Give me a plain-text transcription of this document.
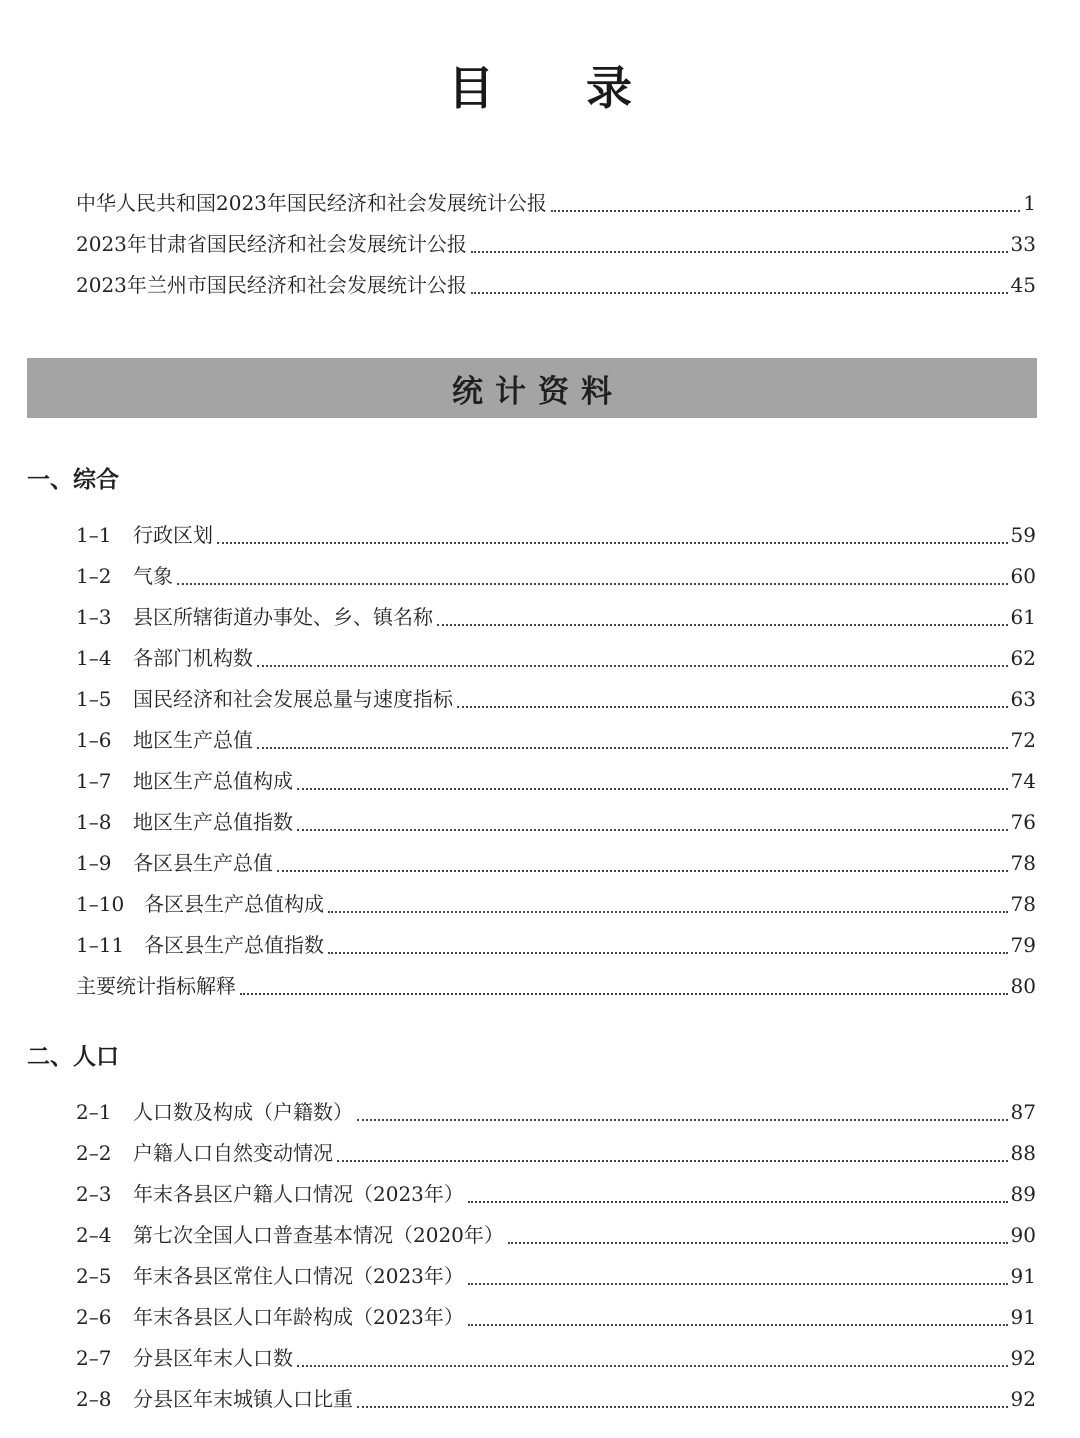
目 录
中华人民共和国2023年国民经济和社会发展统计公报	1
2023年甘肃省国民经济和社会发展统计公报	33
2023年兰州市国民经济和社会发展统计公报	45
统计资料
一、综合
1–1	行政区划	59
1–2	气象	60
1–3	县区所辖街道办事处、乡、镇名称	61
1–4	各部门机构数	62
1–5	国民经济和社会发展总量与速度指标	63
1–6	地区生产总值	72
1–7	地区生产总值构成	74
1–8	地区生产总值指数	76
1–9	各区县生产总值	78
1–10 各区县生产总值构成	78
1–11 各区县生产总值指数	79
主要统计指标解释	80
二、人口
2–1	人口数及构成（户籍数）	87
2–2	户籍人口自然变动情况	88
2–3	年末各县区户籍人口情况（2023年）	89
2–4	第七次全国人口普查基本情况（2020年）	90
2–5	年末各县区常住人口情况（2023年）	91
2–6	年末各县区人口年龄构成（2023年）	91
2–7	分县区年末人口数	92
2–8	分县区年末城镇人口比重	92
